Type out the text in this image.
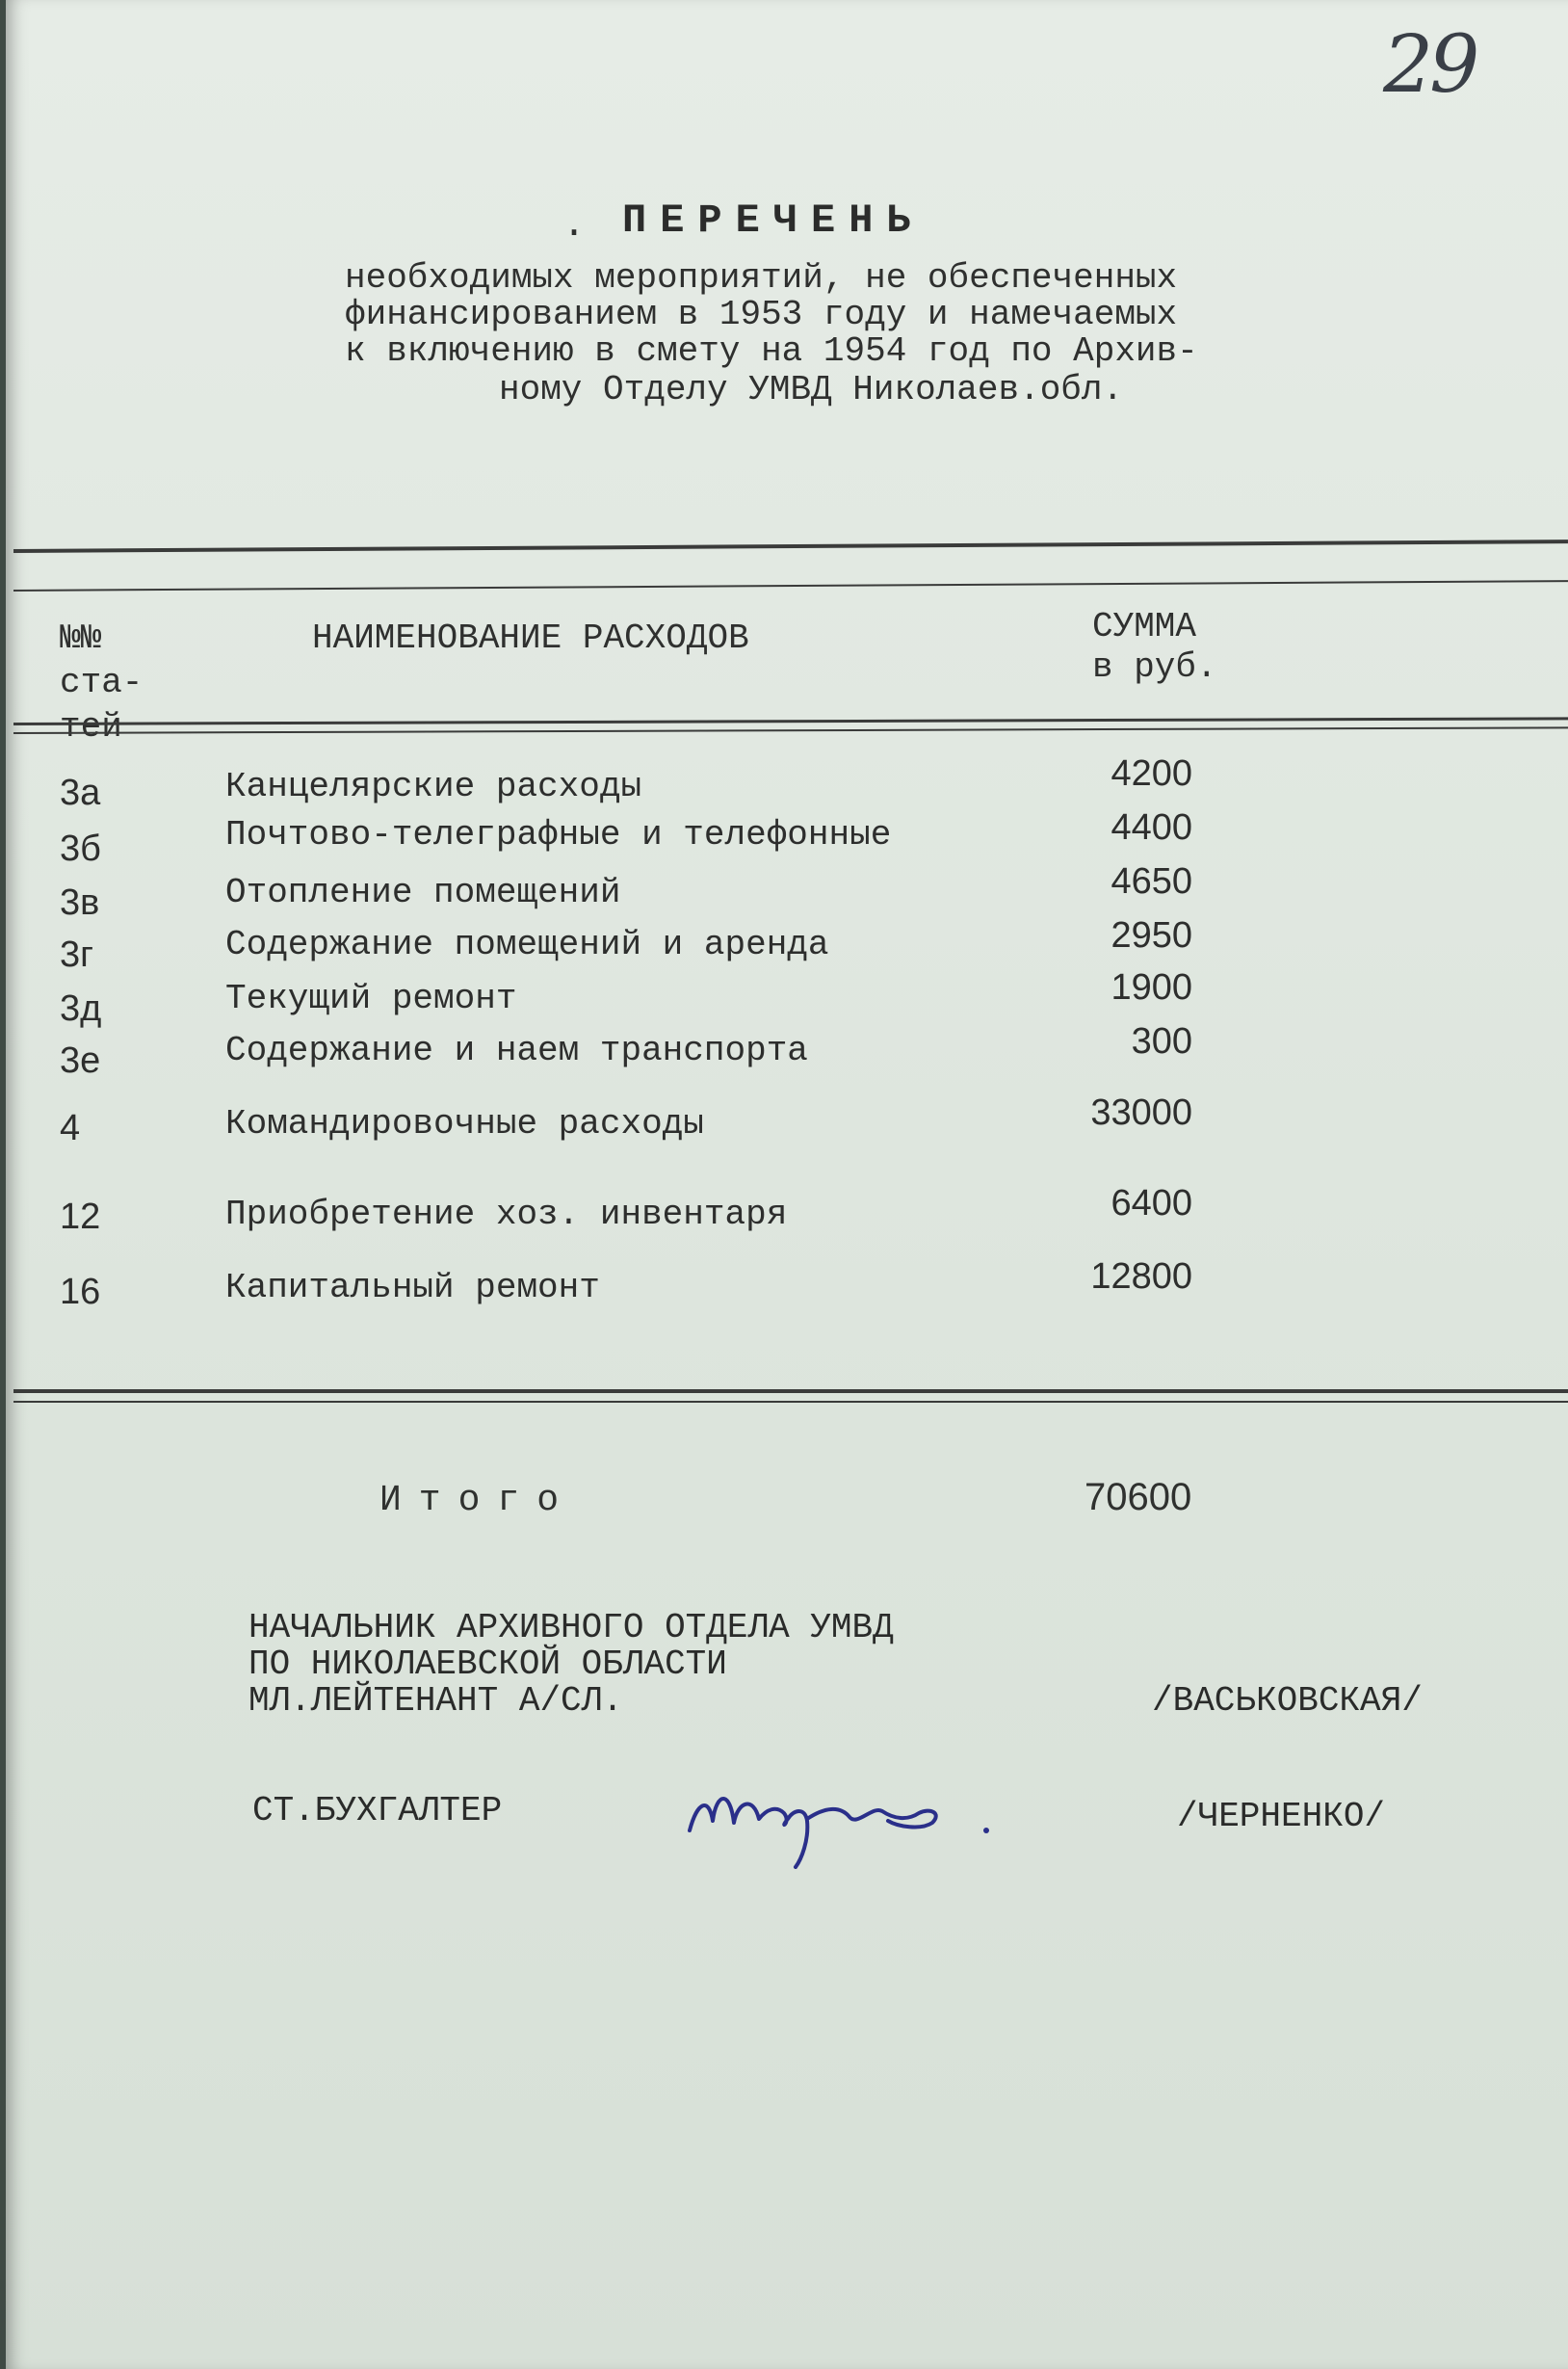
29
. ПЕРЕЧЕНЬ
необходимых мероприятий, не обеспеченных
финансированием в 1953 году и намечаемых
к включению в смету на 1954 год по Архив-
ному Отделу УМВД Николаев.обл.
№№
ста-
тей
НАИМЕНОВАНИЕ РАСХОДОВ	СУММА
в руб.
3а	Канцелярские расходы	4200
3б	Почтово-телеграфные и телефонные	4400
3в	Отопление помещений	4650
3г	Содержание помещений и аренда	2950
3д	Текущий ремонт	1900
3е	Содержание и наем транспорта	300
4	Командировочные расходы	33000
12	Приобретение хоз. инвентаря	6400
16	Капитальный ремонт	12800
Итого	70600
НАЧАЛЬНИК АРХИВНОГО ОТДЕЛА УМВД
ПО НИКОЛАЕВСКОЙ ОБЛАСТИ
МЛ.ЛЕЙТЕНАНТ А/СЛ.	/ВАСЬКОВСКАЯ/
СТ.БУХГАЛТЕР	/ЧЕРНЕНКО/
